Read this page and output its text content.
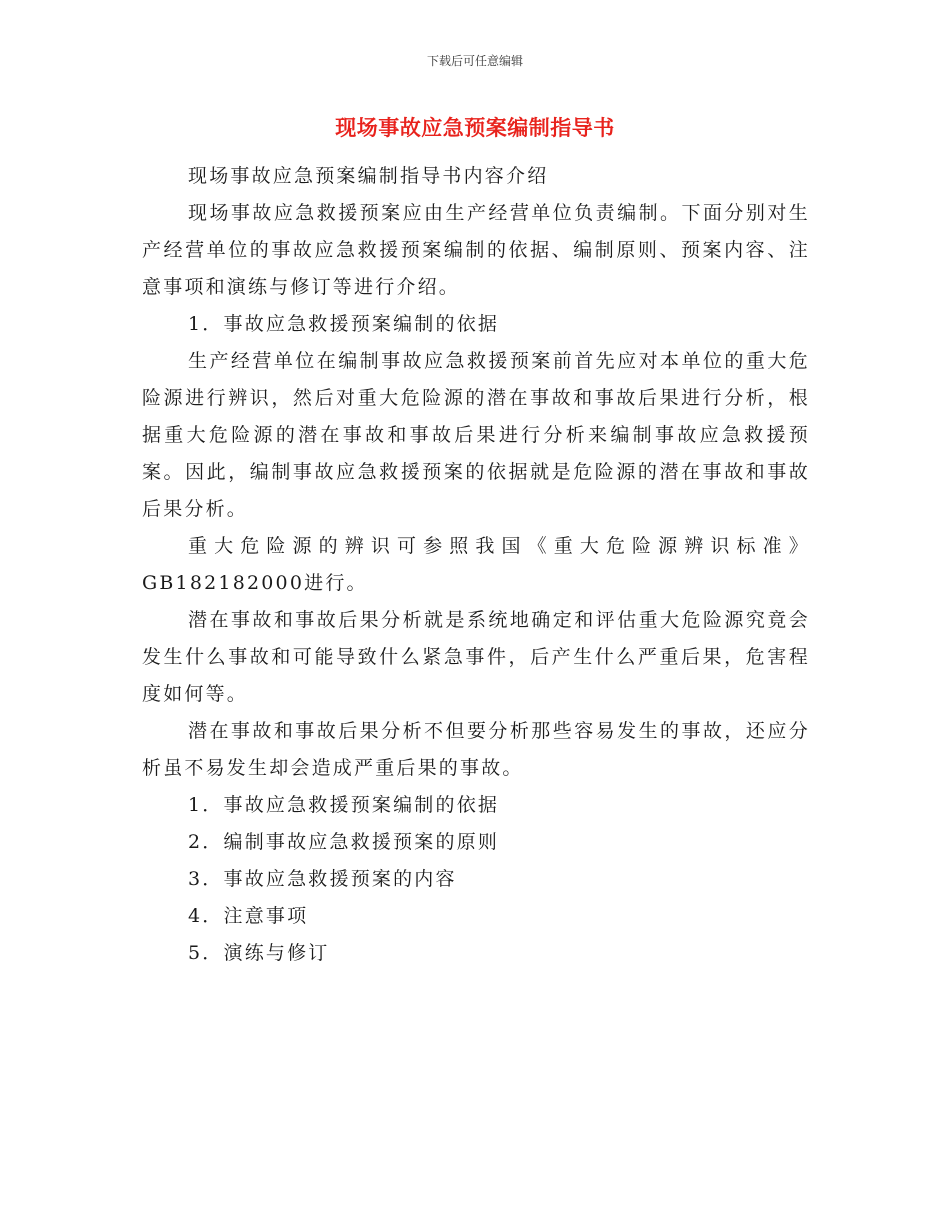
下载后可任意编辑
现场事故应急预案编制指导书

现场事故应急预案编制指导书内容介绍

现场事故应急救援预案应由生产经营单位负责编制。下面分别对生产经营单位的事故应急救援预案编制的依据、编制原则、预案内容、注意事项和演练与修订等进行介绍。

1．事故应急救援预案编制的依据

生产经营单位在编制事故应急救援预案前首先应对本单位的重大危险源进行辨识，然后对重大危险源的潜在事故和事故后果进行分析，根据重大危险源的潜在事故和事故后果进行分析来编制事故应急救援预案。因此，编制事故应急救援预案的依据就是危险源的潜在事故和事故后果分析。

重大危险源的辨识可参照我国《重大危险源辨识标准》GB182182000进行。

潜在事故和事故后果分析就是系统地确定和评估重大危险源究竟会发生什么事故和可能导致什么紧急事件，后产生什么严重后果，危害程度如何等。

潜在事故和事故后果分析不但要分析那些容易发生的事故，还应分析虽不易发生却会造成严重后果的事故。

1．事故应急救援预案编制的依据

2．编制事故应急救援预案的原则

3．事故应急救援预案的内容

4．注意事项

5．演练与修订
